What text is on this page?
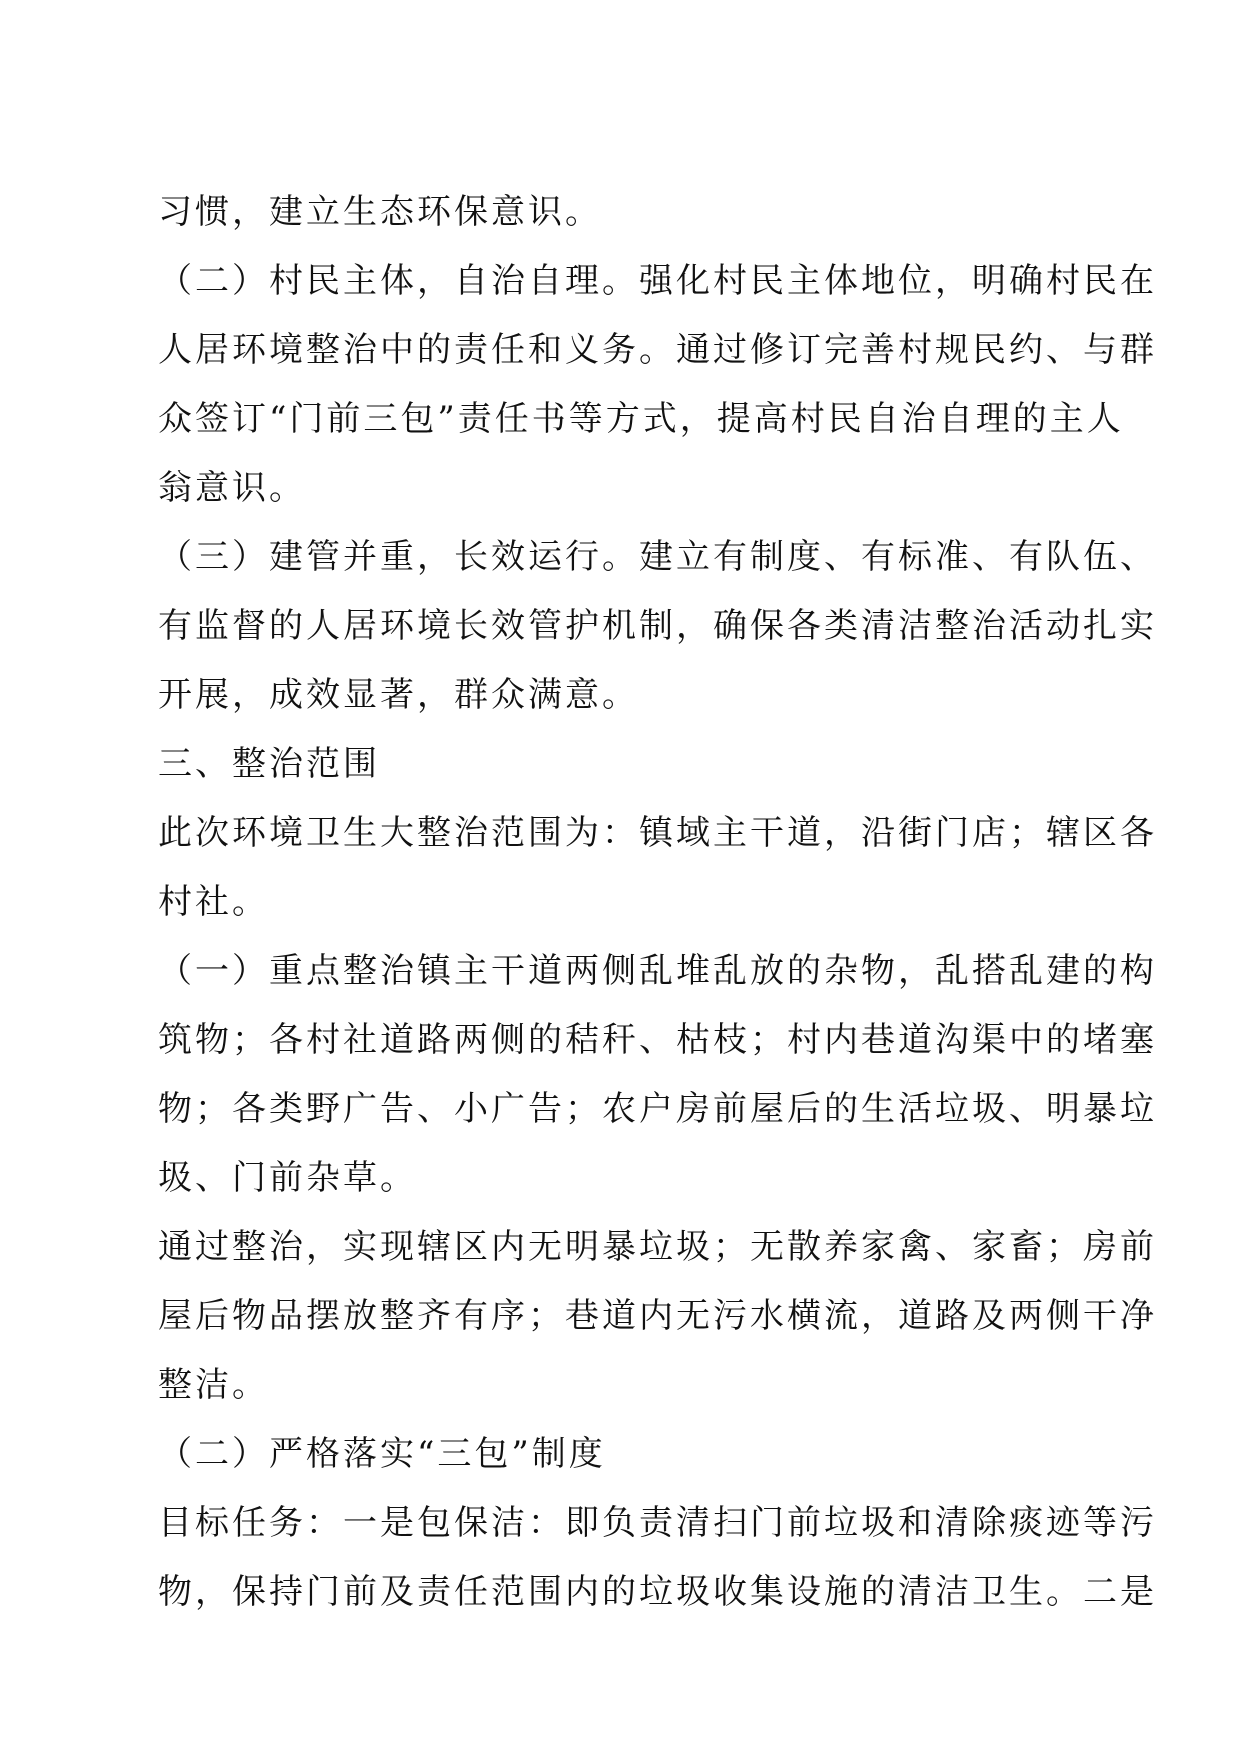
习惯，建立生态环保意识。
（二）村民主体，自治自理。强化村民主体地位，明确村民在
人居环境整治中的责任和义务。通过修订完善村规民约、与群
众签订“门前三包”责任书等方式，提高村民自治自理的主人
翁意识。
（三）建管并重，长效运行。建立有制度、有标准、有队伍、
有监督的人居环境长效管护机制，确保各类清洁整治活动扎实
开展，成效显著，群众满意。
三、整治范围
此次环境卫生大整治范围为：镇域主干道，沿街门店；辖区各
村社。
（一）重点整治镇主干道两侧乱堆乱放的杂物，乱搭乱建的构
筑物；各村社道路两侧的秸秆、枯枝；村内巷道沟渠中的堵塞
物；各类野广告、小广告；农户房前屋后的生活垃圾、明暴垃
圾、门前杂草。
通过整治，实现辖区内无明暴垃圾；无散养家禽、家畜；房前
屋后物品摆放整齐有序；巷道内无污水横流，道路及两侧干净
整洁。
（二）严格落实“三包”制度
目标任务：一是包保洁：即负责清扫门前垃圾和清除痰迹等污
物，保持门前及责任范围内的垃圾收集设施的清洁卫生。二是
